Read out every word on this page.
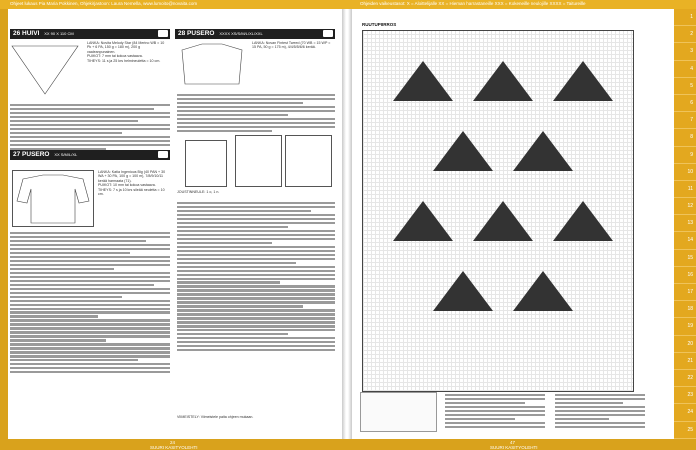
Ohjeet lukaus Pia Maria Pokkinen, Ohjekirjastoon: Laura Nemella, www.lumoito@novaita.com	Ohjeiden vaikeustasot: X = Aloittelijalle XX = Hieman harrastaneille XXX = Kokeneille neulojille XXXX = Taitureille
26 HUIVI XX 90 X 110 CM
LANKA: Novita Melody Star (84 Merino WB = 10 Pk + 6 PA, 150 g = 180 m), 200 g vaaleanpunainen.
PUIKOT: 7 mm tai kokoa vastaava.
TIHEYS: 11 s ja 25 krs helmineuletta = 10 cm.
27 PUSERO XX S/M/L/XL
LANKA: Katia Ingenious Big (40 PAN + 30 WA + 30 PA, 100 g = 100 m), 7/8/9/10/11 kerää harmaata (71).
PUIKOT: 10 mm tai kokoa vastaava.
TIHEYS: 7 s ja 10 krs sileää neuletta = 10 cm.
28 PUSERO XXXX XS/S/M/L/XL/XXL
LANKA: Novan Fintest Tweed (70 WB = 15 WP = 15 PA, 50 g = 175 m), 4/4/5/5/6/6 kerää.
JOUSTINNEULE: 1 o, 1 n.
VIIMEISTELY: Viimeistele paita ohjeen mukaan.
RUUTUPIIRROS
1
2
3
4
5
6
7
8
9
10
11
12
13
14
15
16
17
18
19
20
21
22
23
24
25
24
SUURI KASITYOLEHTI
47
SUURI KASITYOLEHTI
